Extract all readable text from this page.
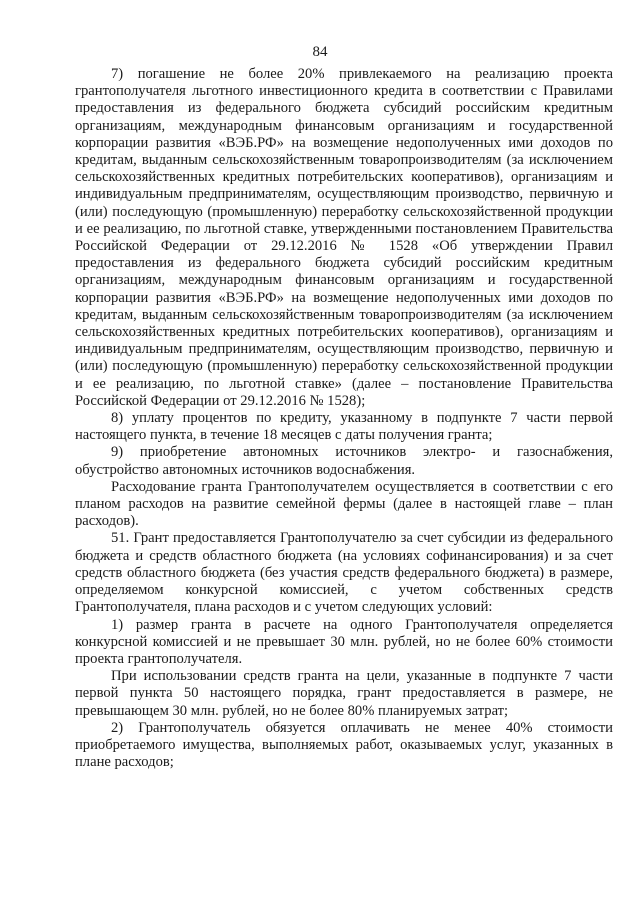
84

7) погашение не более 20% привлекаемого на реализацию проекта грантополучателя льготного инвестиционного кредита в соответствии с Правилами предоставления из федерального бюджета субсидий российским кредитным организациям, международным финансовым организациям и государственной корпорации развития «ВЭБ.РФ» на возмещение недополученных ими доходов по кредитам, выданным сельскохозяйственным товаропроизводителям (за исключением сельскохозяйственных кредитных потребительских кооперативов), организациям и индивидуальным предпринимателям, осуществляющим производство, первичную и (или) последующую (промышленную) переработку сельскохозяйственной продукции и ее реализацию, по льготной ставке, утвержденными постановлением Правительства Российской Федерации от 29.12.2016 № 1528 «Об утверждении Правил предоставления из федерального бюджета субсидий российским кредитным организациям, международным финансовым организациям и государственной корпорации развития «ВЭБ.РФ» на возмещение недополученных ими доходов по кредитам, выданным сельскохозяйственным товаропроизводителям (за исключением сельскохозяйственных кредитных потребительских кооперативов), организациям и индивидуальным предпринимателям, осуществляющим производство, первичную и (или) последующую (промышленную) переработку сельскохозяйственной продукции и ее реализацию, по льготной ставке» (далее – постановление Правительства Российской Федерации от 29.12.2016 № 1528);

8) уплату процентов по кредиту, указанному в подпункте 7 части первой настоящего пункта, в течение 18 месяцев с даты получения гранта;

9) приобретение автономных источников электро- и газоснабжения, обустройство автономных источников водоснабжения.

Расходование гранта Грантополучателем осуществляется в соответствии с его планом расходов на развитие семейной фермы (далее в настоящей главе – план расходов).

51. Грант предоставляется Грантополучателю за счет субсидии из федерального бюджета и средств областного бюджета (на условиях софинансирования) и за счет средств областного бюджета (без участия средств федерального бюджета) в размере, определяемом конкурсной комиссией, с учетом собственных средств Грантополучателя, плана расходов и с учетом следующих условий:

1) размер гранта в расчете на одного Грантополучателя определяется конкурсной комиссией и не превышает 30 млн. рублей, но не более 60% стоимости проекта грантополучателя.

При использовании средств гранта на цели, указанные в подпункте 7 части первой пункта 50 настоящего порядка, грант предоставляется в размере, не превышающем 30 млн. рублей, но не более 80% планируемых затрат;

2) Грантополучатель обязуется оплачивать не менее 40% стоимости приобретаемого имущества, выполняемых работ, оказываемых услуг, указанных в плане расходов;
